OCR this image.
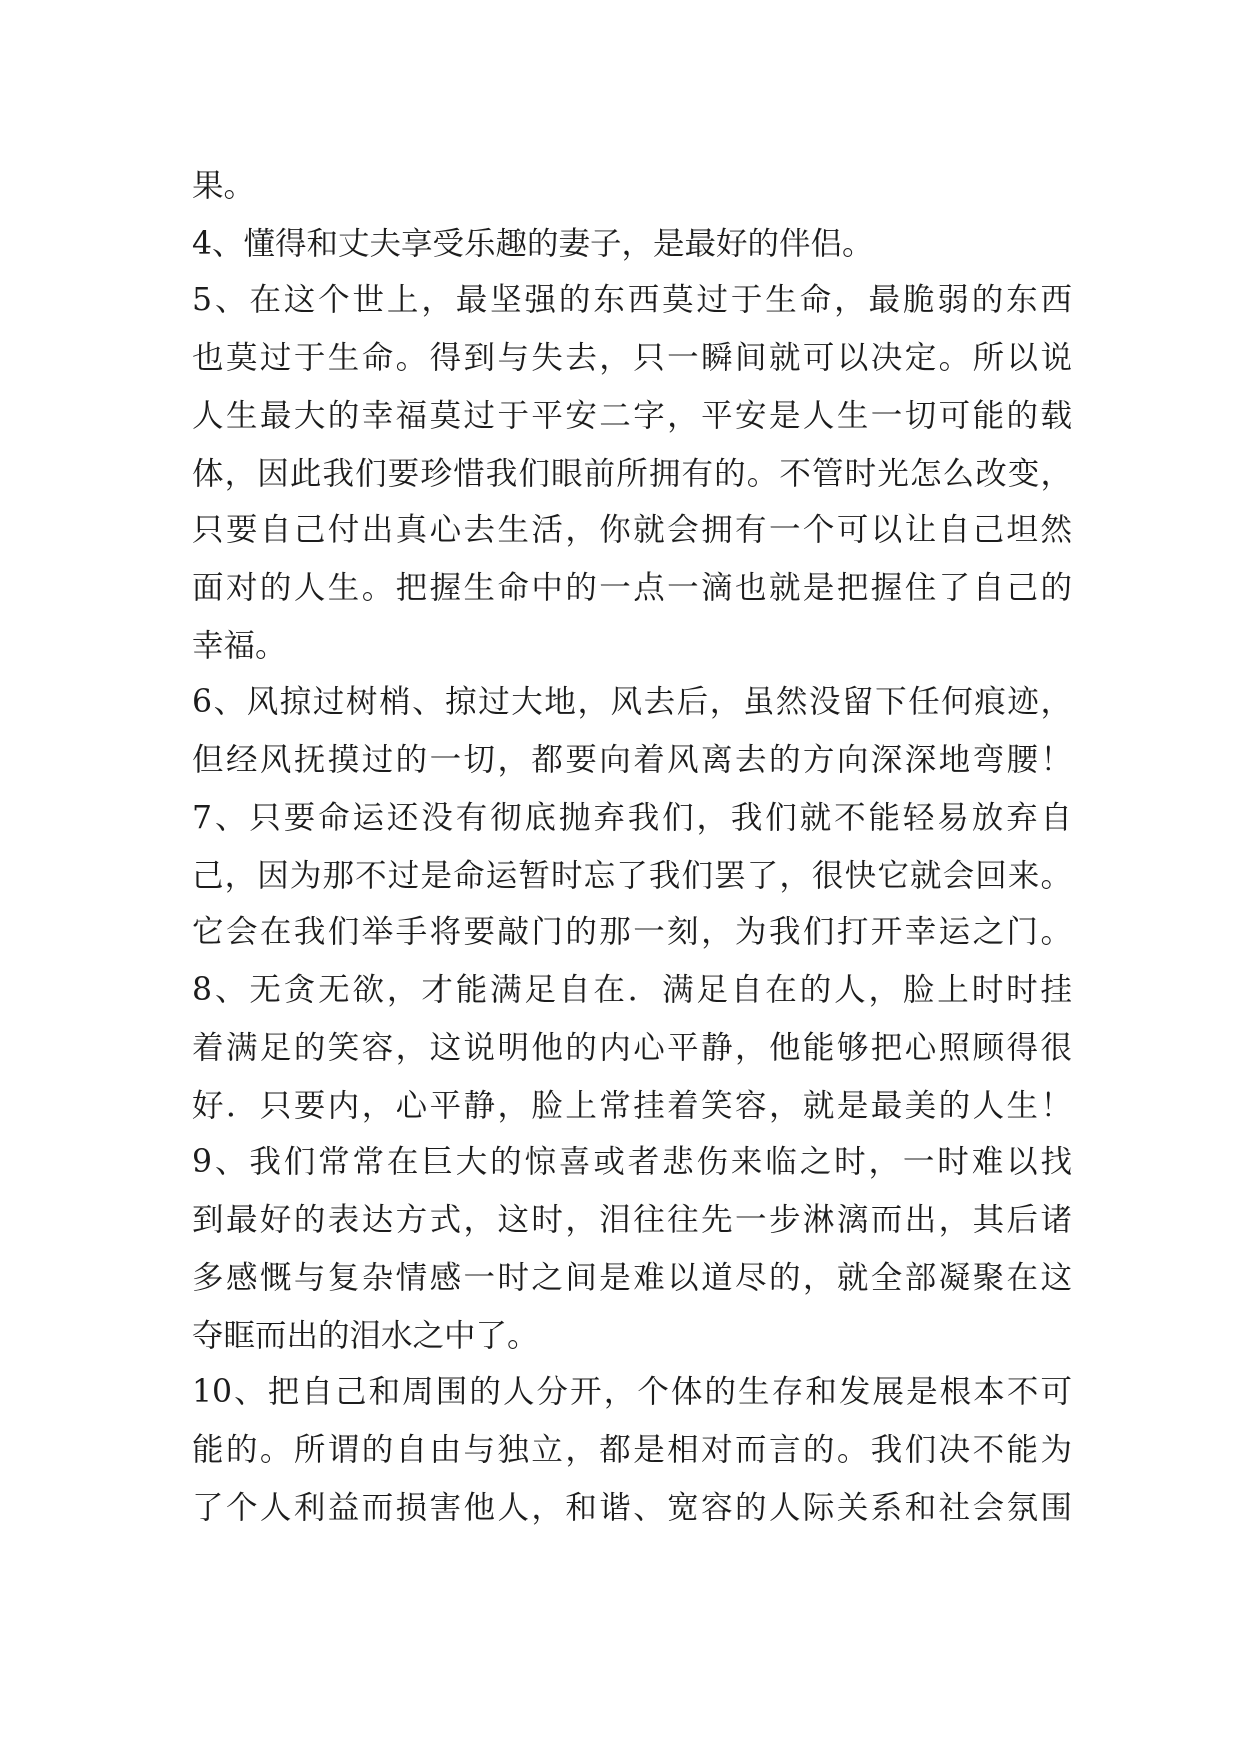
果。
4、懂得和丈夫享受乐趣的妻子，是最好的伴侣。
5、在这个世上，最坚强的东西莫过于生命，最脆弱的东西
也莫过于生命。得到与失去，只一瞬间就可以决定。所以说
人生最大的幸福莫过于平安二字，平安是人生一切可能的载
体，因此我们要珍惜我们眼前所拥有的。不管时光怎么改变，
只要自己付出真心去生活，你就会拥有一个可以让自己坦然
面对的人生。把握生命中的一点一滴也就是把握住了自己的
幸福。
6、风掠过树梢、掠过大地，风去后，虽然没留下任何痕迹，
但经风抚摸过的一切，都要向着风离去的方向深深地弯腰！
7、只要命运还没有彻底抛弃我们，我们就不能轻易放弃自
己，因为那不过是命运暂时忘了我们罢了，很快它就会回来。
它会在我们举手将要敲门的那一刻，为我们打开幸运之门。
8、无贪无欲，才能满足自在．满足自在的人，脸上时时挂
着满足的笑容，这说明他的内心平静，他能够把心照顾得很
好．只要内，心平静，脸上常挂着笑容，就是最美的人生！
9、我们常常在巨大的惊喜或者悲伤来临之时，一时难以找
到最好的表达方式，这时，泪往往先一步淋漓而出，其后诸
多感慨与复杂情感一时之间是难以道尽的，就全部凝聚在这
夺眶而出的泪水之中了。
10、把自己和周围的人分开，个体的生存和发展是根本不可
能的。所谓的自由与独立，都是相对而言的。我们决不能为
了个人利益而损害他人，和谐、宽容的人际关系和社会氛围
